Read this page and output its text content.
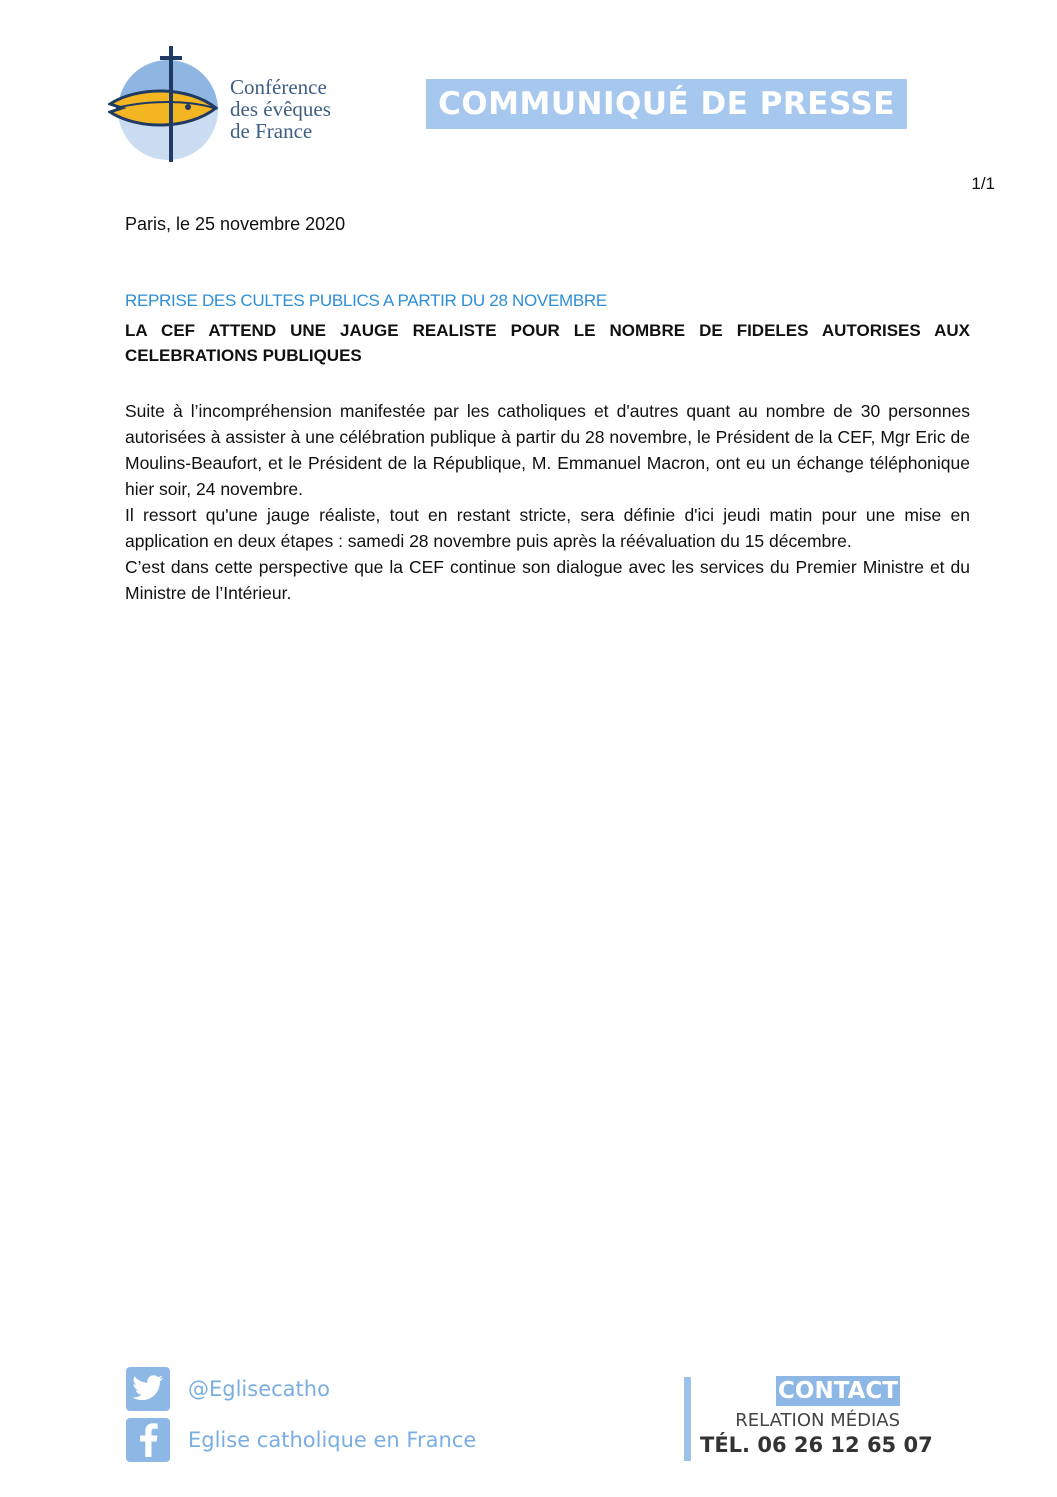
Conférence
des évêques
de France
COMMUNIQUÉ DE PRESSE
1/1
Paris, le 25 novembre 2020
REPRISE DES CULTES PUBLICS A PARTIR DU 28 NOVEMBRE
LA CEF ATTEND UNE JAUGE REALISTE POUR LE NOMBRE DE FIDELES AUTORISES AUX CELEBRATIONS PUBLIQUES

Suite à l’incompréhension manifestée par les catholiques et d'autres quant au nombre de 30 personnes autorisées à assister à une célébration publique à partir du 28 novembre, le Président de la CEF, Mgr Eric de Moulins-Beaufort, et le Président de la République, M. Emmanuel Macron, ont eu un échange téléphonique hier soir, 24 novembre.

Il ressort qu'une jauge réaliste, tout en restant stricte, sera définie d'ici jeudi matin pour une mise en application en deux étapes : samedi 28 novembre puis après la réévaluation du 15 décembre.

C’est dans cette perspective que la CEF continue son dialogue avec les services du Premier Ministre et du Ministre de l’Intérieur.

@Eglisecatho
Eglise catholique en France
CONTACT
RELATION MÉDIAS
TÉL. 06 26 12 65 07
